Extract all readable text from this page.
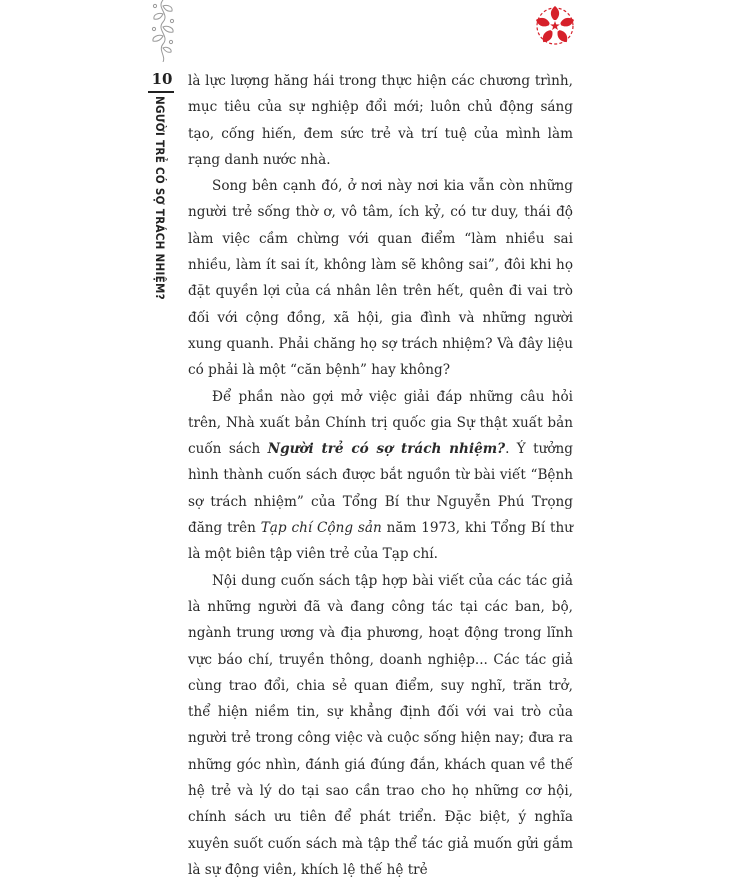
10
NGƯỜI TRẺ CÓ SỢ TRÁCH NHIỆM?

là lực lượng hăng hái trong thực hiện các chương trình, mục tiêu của sự nghiệp đổi mới; luôn chủ động sáng tạo, cống hiến, đem sức trẻ và trí tuệ của mình làm rạng danh nước nhà.

Song bên cạnh đó, ở nơi này nơi kia vẫn còn những người trẻ sống thờ ơ, vô tâm, ích kỷ, có tư duy, thái độ làm việc cầm chừng với quan điểm “làm nhiều sai nhiều, làm ít sai ít, không làm sẽ không sai”, đôi khi họ đặt quyền lợi của cá nhân lên trên hết, quên đi vai trò đối với cộng đồng, xã hội, gia đình và những người xung quanh. Phải chăng họ sợ trách nhiệm? Và đây liệu có phải là một “căn bệnh” hay không?

Để phần nào gợi mở việc giải đáp những câu hỏi trên, Nhà xuất bản Chính trị quốc gia Sự thật xuất bản cuốn sách Người trẻ có sợ trách nhiệm?. Ý tưởng hình thành cuốn sách được bắt nguồn từ bài viết “Bệnh sợ trách nhiệm” của Tổng Bí thư Nguyễn Phú Trọng đăng trên Tạp chí Cộng sản năm 1973, khi Tổng Bí thư là một biên tập viên trẻ của Tạp chí.

Nội dung cuốn sách tập hợp bài viết của các tác giả là những người đã và đang công tác tại các ban, bộ, ngành trung ương và địa phương, hoạt động trong lĩnh vực báo chí, truyền thông, doanh nghiệp... Các tác giả cùng trao đổi, chia sẻ quan điểm, suy nghĩ, trăn trở, thể hiện niềm tin, sự khẳng định đối với vai trò của người trẻ trong công việc và cuộc sống hiện nay; đưa ra những góc nhìn, đánh giá đúng đắn, khách quan về thế hệ trẻ và lý do tại sao cần trao cho họ những cơ hội, chính sách ưu tiên để phát triển. Đặc biệt, ý nghĩa xuyên suốt cuốn sách mà tập thể tác giả muốn gửi gắm là sự động viên, khích lệ thế hệ trẻ
